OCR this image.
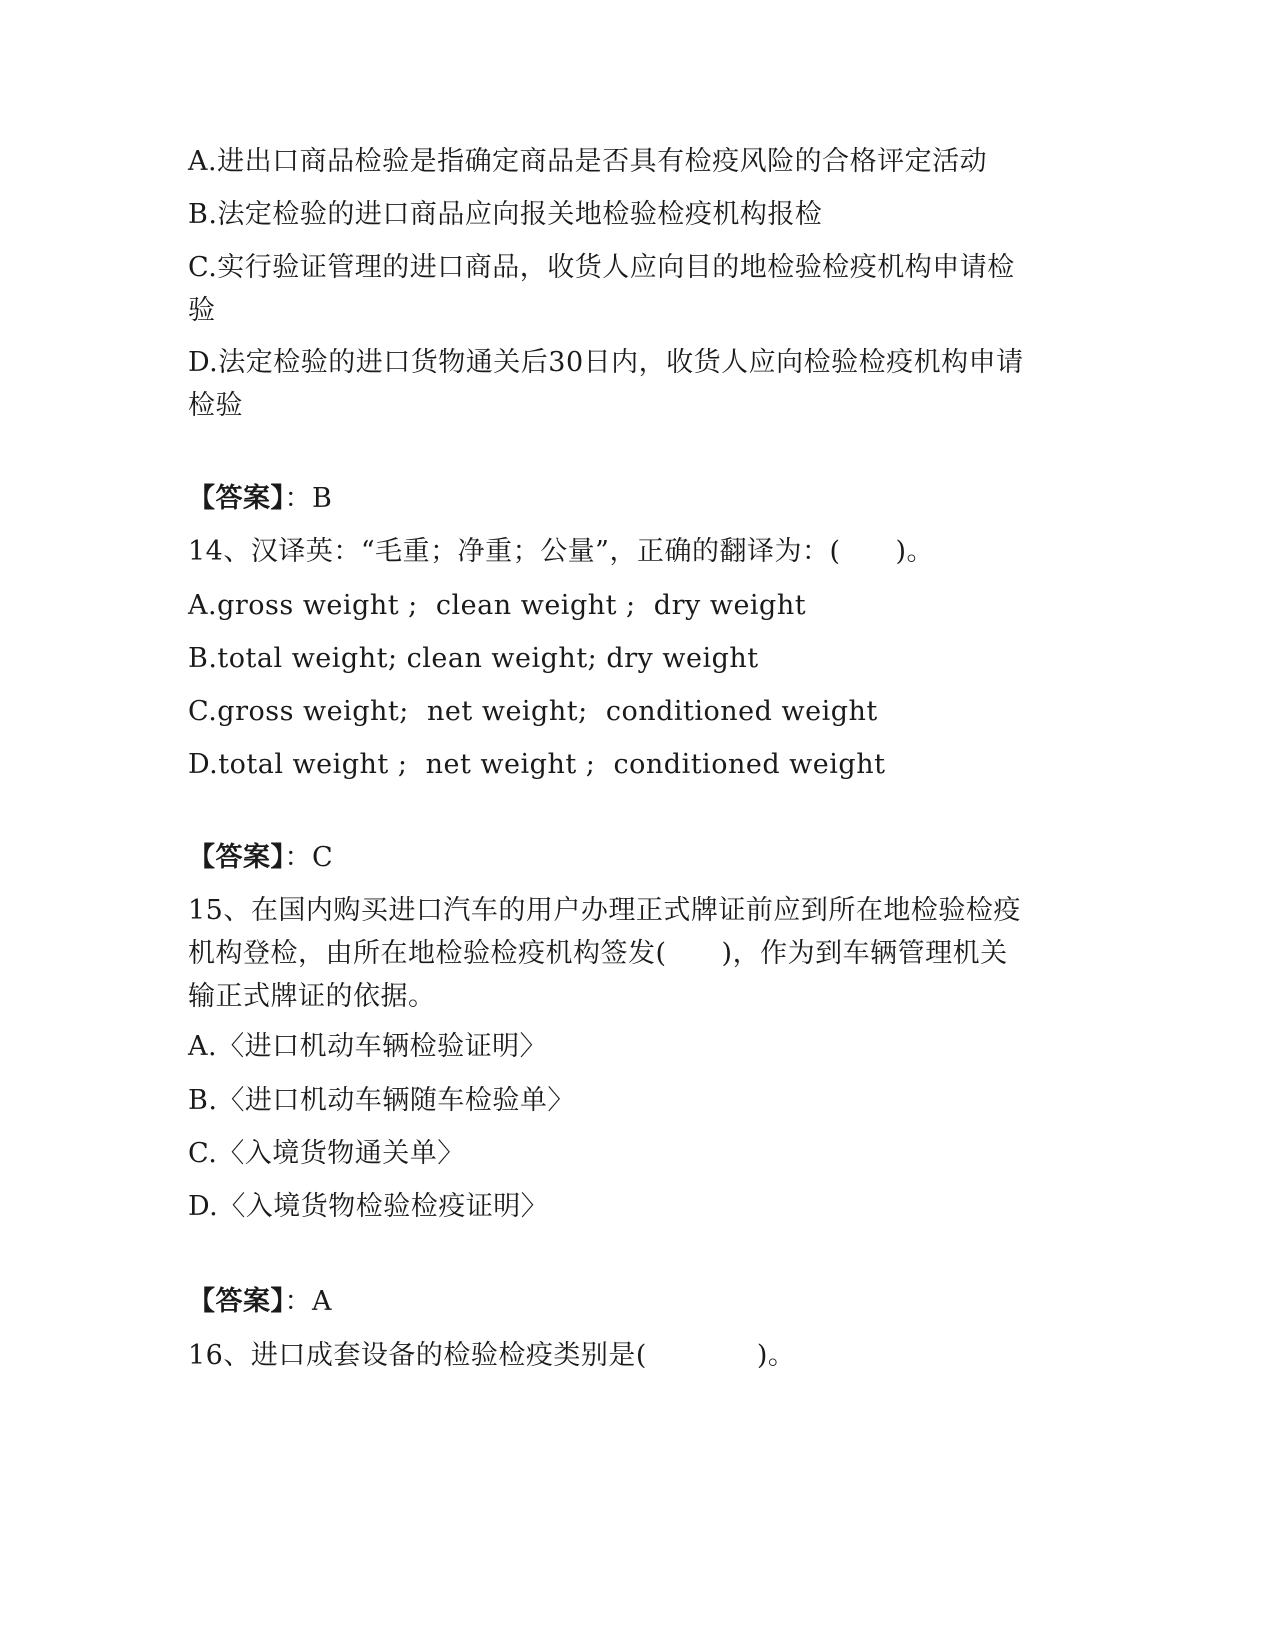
A.进出口商品检验是指确定商品是否具有检疫风险的合格评定活动
B.法定检验的进口商品应向报关地检验检疫机构报检
C.实行验证管理的进口商品，收货人应向目的地检验检疫机构申请检验
D.法定检验的进口货物通关后30日内，收货人应向检验检疫机构申请检验
【答案】：B
14、汉译英：“毛重；净重；公量”，正确的翻译为：(　　)。
A.gross weight ;  clean weight ;  dry weight
B.total weight; clean weight; dry weight
C.gross weight;  net weight;  conditioned weight
D.total weight ;  net weight ;  conditioned weight
【答案】：C
15、在国内购买进口汽车的用户办理正式牌证前应到所在地检验检疫机构登检，由所在地检验检疫机构签发(　　)，作为到车辆管理机关输正式牌证的依据。
A.〈进口机动车辆检验证明〉
B.〈进口机动车辆随车检验单〉
C.〈入境货物通关单〉
D.〈入境货物检验检疫证明〉
【答案】：A
16、进口成套设备的检验检疫类别是(　　　　)。
